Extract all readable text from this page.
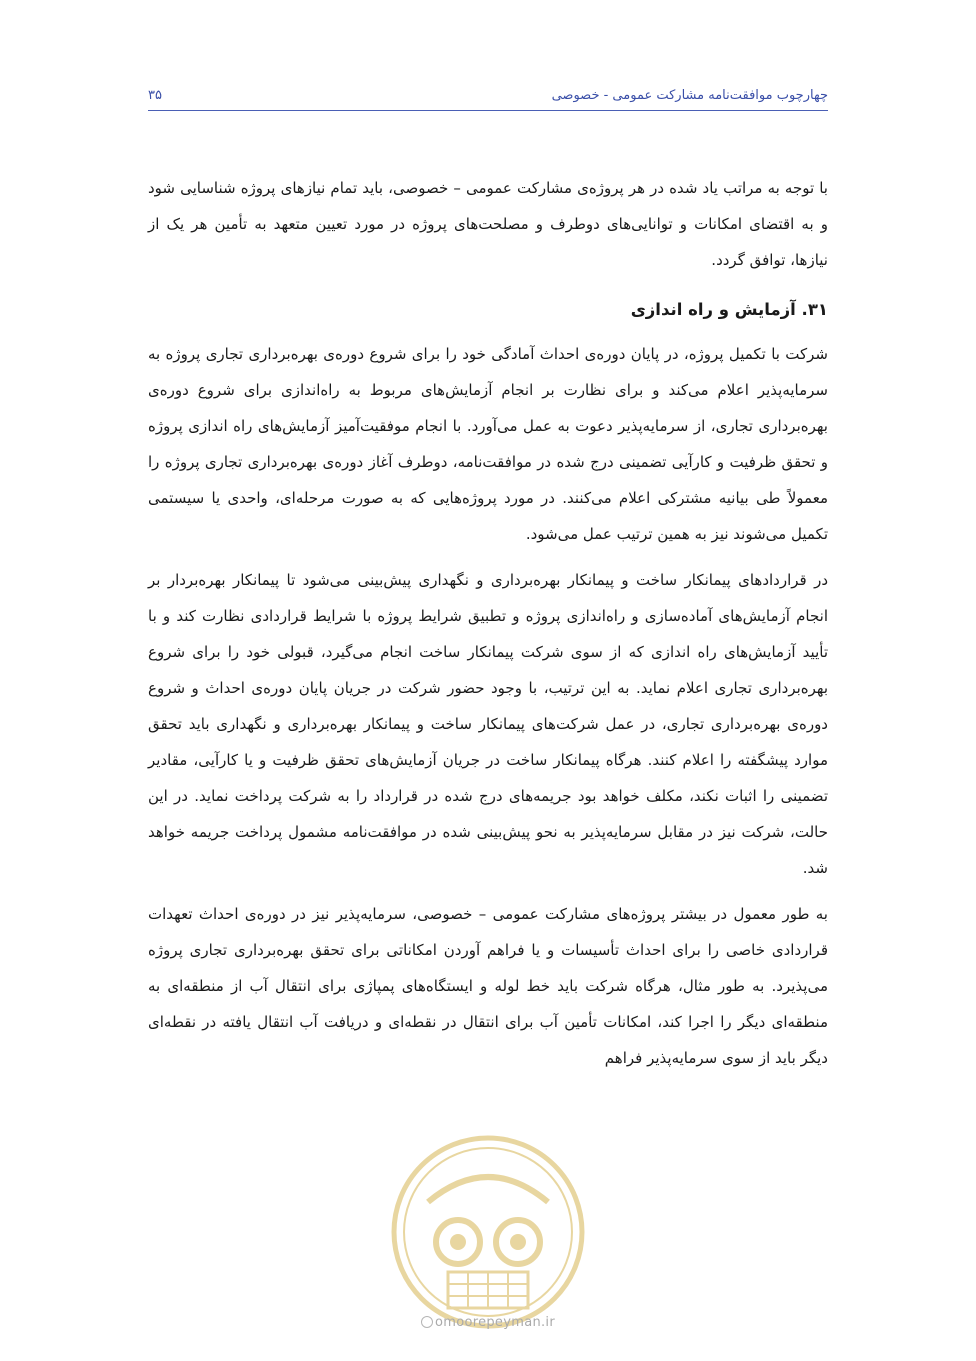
چهارچوب موافقت‌نامه مشارکت عمومی - خصوصی
۳۵

با توجه به مراتب یاد شده در هر پروژه‌ی مشارکت عمومی – خصوصی، باید تمام نیازهای پروژه شناسایی شود و به اقتضای امکانات و توانایی‌های دوطرف و مصلحت‌های پروژه در مورد تعیین متعهد به تأمین هر یک از نیازها، توافق گردد.

۳۱. آزمایش و راه اندازی

شرکت با تکمیل پروژه، در پایان دوره‌ی احداث آمادگی خود را برای شروع دوره‌ی بهره‌برداری تجاری پروژه به سرمایه‌پذیر اعلام می‌کند و برای نظارت بر انجام آزمایش‌های مربوط به راه‌اندازی برای شروع دوره‌ی بهره‌برداری تجاری، از سرمایه‌پذیر دعوت به عمل می‌آورد. با انجام موفقیت‌آمیز آزمایش‌های راه اندازی پروژه و تحقق ظرفیت و کارآیی تضمینی درج شده در موافقت‌نامه، دوطرف آغاز دوره‌ی بهره‌برداری تجاری پروژه را معمولاً طی بیانیه مشترکی اعلام می‌کنند. در مورد پروژه‌هایی که به صورت مرحله‌ای، واحدی یا سیستمی تکمیل می‌شوند نیز به همین ترتیب عمل می‌شود.

در قراردادهای پیمانکار ساخت و پیمانکار بهره‌برداری و نگهداری پیش‌بینی می‌شود تا پیمانکار بهره‌بردار بر انجام آزمایش‌های آماده‌سازی و راه‌اندازی پروژه و تطبیق شرایط پروژه با شرایط قراردادی نظارت کند و با تأیید آزمایش‌های راه اندازی که از سوی شرکت پیمانکار ساخت انجام می‌گیرد، قبولی خود را برای شروع بهره‌برداری تجاری اعلام نماید. به این ترتیب، با وجود حضور شرکت در جریان پایان دوره‌ی احداث و شروع دوره‌ی بهره‌برداری تجاری، در عمل شرکت‌های پیمانکار ساخت و پیمانکار بهره‌برداری و نگهداری باید تحقق موارد پیشگفته را اعلام کنند. هرگاه پیمانکار ساخت در جریان آزمایش‌های تحقق ظرفیت و یا کارآیی، مقادیر تضمینی را اثبات نکند، مکلف خواهد بود جریمه‌های درج شده در قرارداد را به شرکت پرداخت نماید. در این حالت، شرکت نیز در مقابل سرمایه‌پذیر به نحو پیش‌بینی شده در موافقت‌نامه مشمول پرداخت جریمه خواهد شد.

به طور معمول در بیشتر پروژه‌های مشارکت عمومی – خصوصی، سرمایه‌پذیر نیز در دوره‌ی احداث تعهدات قراردادی خاصی را برای احداث تأسیسات و یا فراهم آوردن امکاناتی برای تحقق بهره‌برداری تجاری پروژه می‌پذیرد. به طور مثال، هرگاه شرکت باید خط لوله و ایستگاه‌های پمپاژی برای انتقال آب از منطقه‌ای به منطقه‌ای دیگر را اجرا کند، امکانات تأمین آب برای انتقال در نقطه‌ای و دریافت آب انتقال یافته در نقطه‌ای دیگر باید از سوی سرمایه‌پذیر فراهم

omoorepeyman.ir
